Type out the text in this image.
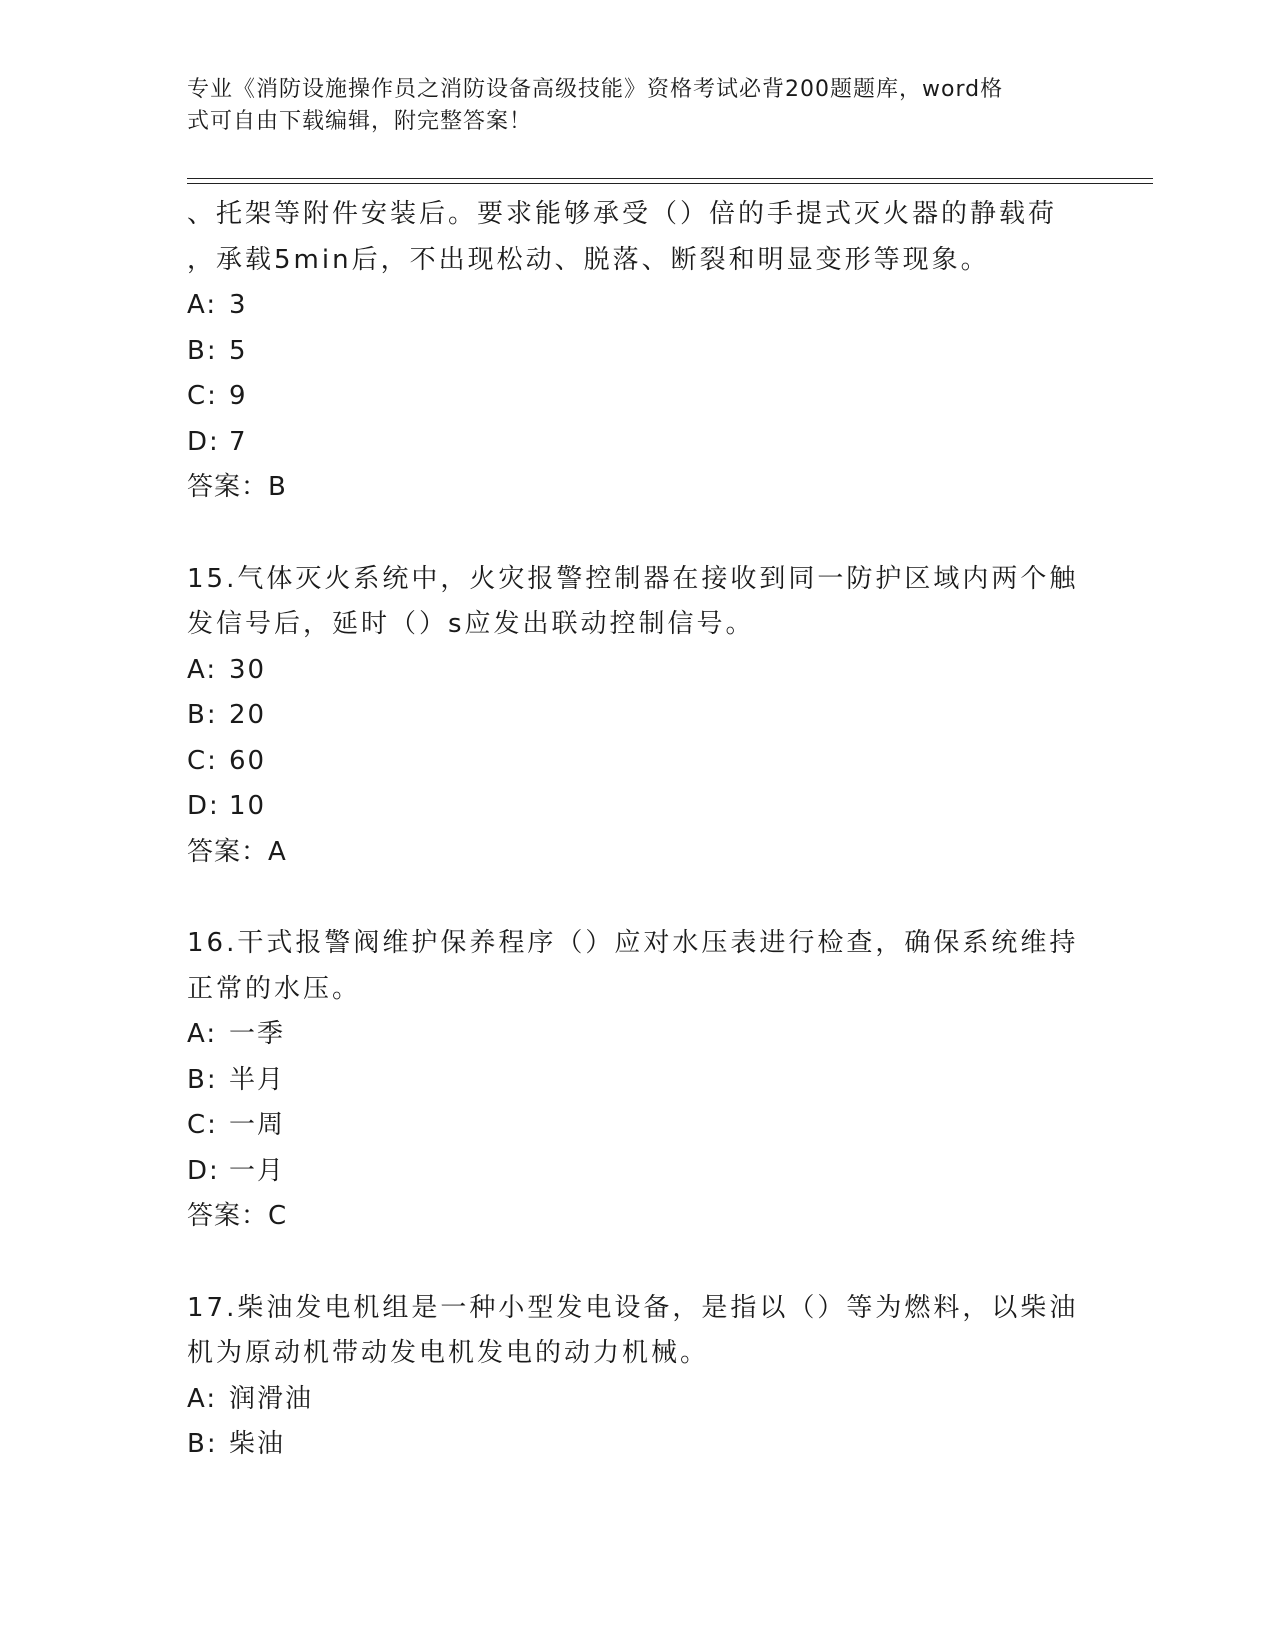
专业《消防设施操作员之消防设备高级技能》资格考试必背200题题库，word格
式可自由下载编辑，附完整答案！
、托架等附件安装后。要求能够承受（）倍的手提式灭火器的静载荷
，承载5min后，不出现松动、脱落、断裂和明显变形等现象。
A: 3
B: 5
C: 9
D: 7
答案：B
15.气体灭火系统中，火灾报警控制器在接收到同一防护区域内两个触
发信号后，延时（）s应发出联动控制信号。
A: 30
B: 20
C: 60
D: 10
答案：A
16.干式报警阀维护保养程序（）应对水压表进行检查，确保系统维持
正常的水压。
A: 一季
B: 半月
C: 一周
D: 一月
答案：C
17.柴油发电机组是一种小型发电设备，是指以（）等为燃料，以柴油
机为原动机带动发电机发电的动力机械。
A: 润滑油
B: 柴油
